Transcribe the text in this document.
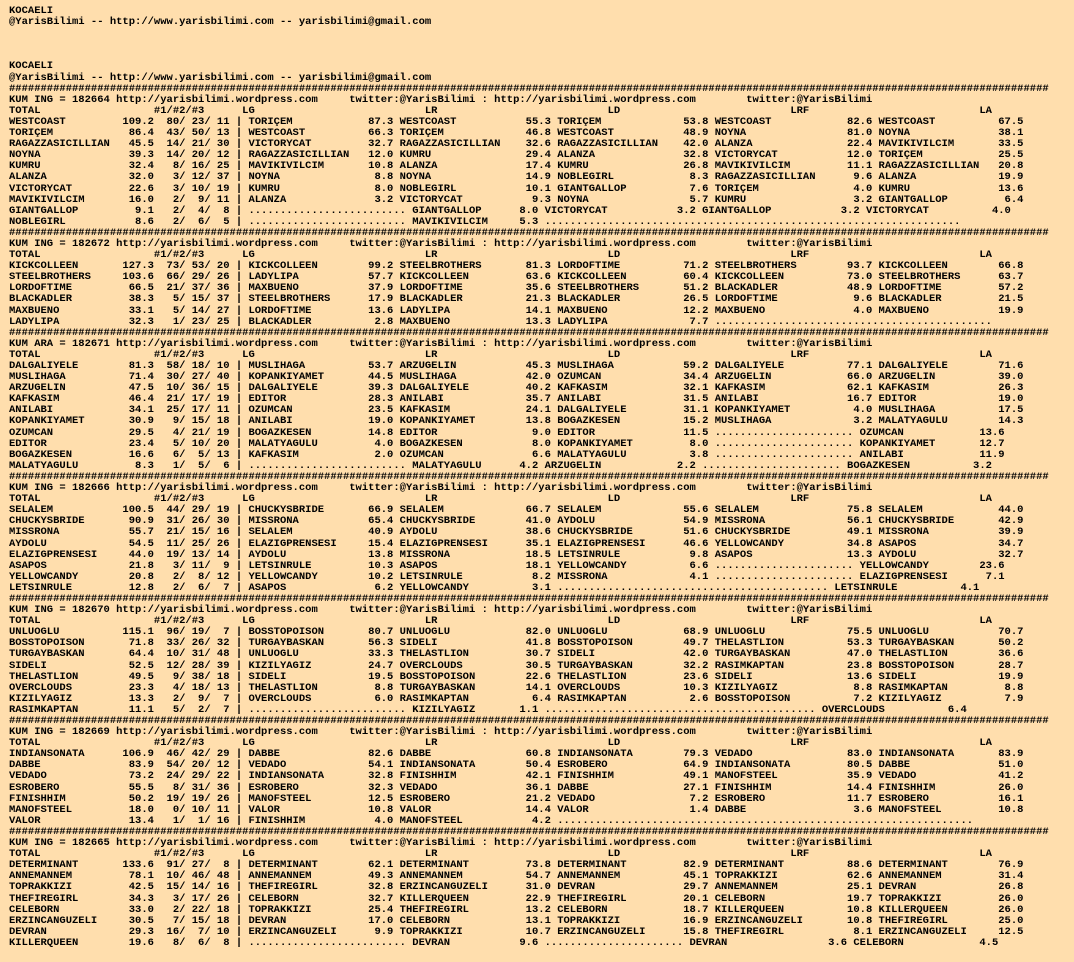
KOCAELI
@YarisBilimi -- http://www.yarisbilimi.com -- yarisbilimi@gmail.com

KOCAELI
@YarisBilimi -- http://www.yarisbilimi.com -- yarisbilimi@gmail.com
#####################################################################################################################################################################
KUM ING = 182664 http://yarisbilimi.wordpress.com     twitter:@YarisBilimi : http://yarisbilimi.wordpress.com        twitter:@YarisBilimi
TOTAL                  #1/#2/#3      LG                           LR                           LD                           LRF                           LA
WESTCOAST         109.2  80/ 23/ 11 | TORIÇEM            87.3 WESTCOAST           55.3 TORIÇEM             53.8 WESTCOAST            82.6 WESTCOAST          67.5
TORIÇEM            86.4  43/ 50/ 13 | WESTCOAST          66.3 TORIÇEM             46.8 WESTCOAST           48.9 NOYNA                81.0 NOYNA              38.1
RAGAZZASICILLIAN   45.5  14/ 21/ 30 | VICTORYCAT         32.7 RAGAZZASICILLIAN    32.6 RAGAZZASICILLIAN    42.0 ALANZA               22.4 MAVIKIVILCIM       33.5
NOYNA              39.3  14/ 20/ 12 | RAGAZZASICILLIAN   12.0 KUMRU               29.4 ALANZA              32.8 VICTORYCAT           12.0 TORIÇEM            25.5
KUMRU              32.4   8/ 16/ 25 | MAVIKIVILCIM       10.8 ALANZA              17.4 KUMRU               26.8 MAVIKIVILCIM         11.1 RAGAZZASICILLIAN   20.8
ALANZA             32.0   3/ 12/ 37 | NOYNA               8.8 NOYNA               14.9 NOBLEGIRL            8.3 RAGAZZASICILLIAN      9.6 ALANZA             19.9
VICTORYCAT         22.6   3/ 10/ 19 | KUMRU               8.0 NOBLEGIRL           10.1 GIANTGALLOP          7.6 TORIÇEM               4.0 KUMRU              13.6
MAVIKIVILCIM       16.0   2/  9/ 11 | ALANZA              3.2 VICTORYCAT           9.3 NOYNA                5.7 KUMRU                 3.2 GIANTGALLOP         6.4
GIANTGALLOP         9.1   2/  4/  8 | ......................... GIANTGALLOP      8.0 VICTORYCAT           3.2 GIANTGALLOP           3.2 VICTORYCAT          4.0
NOBLEGIRL           8.6   2/  6/  5 | ......................... MAVIKIVILCIM     5.3 ..................................................................
#####################################################################################################################################################################
KUM ING = 182672 http://yarisbilimi.wordpress.com     twitter:@YarisBilimi : http://yarisbilimi.wordpress.com        twitter:@YarisBilimi
TOTAL                  #1/#2/#3      LG                           LR                           LD                           LRF                           LA
KICKCOLLEEN       127.3  73/ 53/ 20 | KICKCOLLEEN        99.2 STEELBROTHERS       81.3 LORDOFTIME          71.2 STEELBROTHERS        93.7 KICKCOLLEEN        66.8
STEELBROTHERS     103.6  66/ 29/ 26 | LADYLIPA           57.7 KICKCOLLEEN         63.6 KICKCOLLEEN         60.4 KICKCOLLEEN          73.0 STEELBROTHERS      63.7
LORDOFTIME         66.5  21/ 37/ 36 | MAXBUENO           37.9 LORDOFTIME          35.6 STEELBROTHERS       51.2 BLACKADLER           48.9 LORDOFTIME         57.2
BLACKADLER         38.3   5/ 15/ 37 | STEELBROTHERS      17.9 BLACKADLER          21.3 BLACKADLER          26.5 LORDOFTIME            9.6 BLACKADLER         21.5
MAXBUENO           33.1   5/ 14/ 27 | LORDOFTIME         13.6 LADYLIPA            14.1 MAXBUENO            12.2 MAXBUENO              4.0 MAXBUENO           19.9
LADYLIPA           32.3   1/ 23/ 25 | BLACKADLER          2.8 MAXBUENO            13.3 LADYLIPA             7.7 ............................................
#####################################################################################################################################################################
KUM ARA = 182671 http://yarisbilimi.wordpress.com     twitter:@YarisBilimi : http://yarisbilimi.wordpress.com        twitter:@YarisBilimi
TOTAL                  #1/#2/#3      LG                           LR                           LD                           LRF                           LA
DALGALIYELE        81.3  58/ 18/ 10 | MUSLIHAGA          53.7 ARZUGELIN           45.3 MUSLIHAGA           59.2 DALGALIYELE          77.1 DALGALIYELE        71.6
MUSLIHAGA          71.4  30/ 27/ 40 | KOPANKIYAMET       44.5 MUSLIHAGA           42.0 OZUMCAN             34.4 ARZUGELIN            66.0 ARZUGELIN          39.0
ARZUGELIN          47.5  10/ 36/ 15 | DALGALIYELE        39.3 DALGALIYELE         40.2 KAFKASIM            32.1 KAFKASIM             62.1 KAFKASIM           26.3
KAFKASIM           46.4  21/ 17/ 19 | EDITOR             28.3 ANILABI             35.7 ANILABI             31.5 ANILABI              16.7 EDITOR             19.0
ANILABI            34.1  25/ 17/ 11 | OZUMCAN            23.5 KAFKASIM            24.1 DALGALIYELE         31.1 KOPANKIYAMET          4.0 MUSLIHAGA          17.5
KOPANKIYAMET       30.9   9/ 15/ 18 | ANILABI            19.0 KOPANKIYAMET        13.8 BOGAZKESEN          15.2 MUSLIHAGA             3.2 MALATYAGULU        14.3
OZUMCAN            29.5   4/ 21/ 19 | BOGAZKESEN         14.8 EDITOR               9.0 EDITOR              11.5 ...................... OZUMCAN            13.6
EDITOR             23.4   5/ 10/ 20 | MALATYAGULU         4.0 BOGAZKESEN           8.0 KOPANKIYAMET         8.0 ...................... KOPANKIYAMET       12.7
BOGAZKESEN         16.6   6/  5/ 13 | KAFKASIM            2.0 OZUMCAN              6.6 MALATYAGULU          3.8 ...................... ANILABI            11.9
MALATYAGULU         8.3   1/  5/  6 | ......................... MALATYAGULU      4.2 ARZUGELIN            2.2 ...................... BOGAZKESEN          3.2
#####################################################################################################################################################################
KUM ING = 182666 http://yarisbilimi.wordpress.com     twitter:@YarisBilimi : http://yarisbilimi.wordpress.com        twitter:@YarisBilimi
TOTAL                  #1/#2/#3      LG                           LR                           LD                           LRF                           LA
SELALEM           100.5  44/ 29/ 19 | CHUCKYSBRIDE       66.9 SELALEM             66.7 SELALEM             55.6 SELALEM              75.8 SELALEM            44.0
CHUCKYSBRIDE       90.9  31/ 26/ 30 | MISSRONA           65.4 CHUCKYSBRIDE        41.0 AYDOLU              54.9 MISSRONA             56.1 CHUCKYSBRIDE       42.9
MISSRONA           55.7  21/ 15/ 16 | SELALEM            40.9 AYDOLU              38.6 CHUCKYSBRIDE        51.6 CHUCKYSBRIDE         49.1 MISSRONA           39.9
AYDOLU             54.5  11/ 25/ 26 | ELAZIGPRENSESI     15.4 ELAZIGPRENSESI      35.1 ELAZIGPRENSESI      46.6 YELLOWCANDY          34.8 ASAPOS             34.7
ELAZIGPRENSESI     44.0  19/ 13/ 14 | AYDOLU             13.8 MISSRONA            18.5 LETSINRULE           9.8 ASAPOS               13.3 AYDOLU             32.7
ASAPOS             21.8   3/ 11/  9 | LETSINRULE         10.3 ASAPOS              18.1 YELLOWCANDY          6.6 ...................... YELLOWCANDY        23.6
YELLOWCANDY        20.8   2/  8/ 12 | YELLOWCANDY        10.2 LETSINRULE           8.2 MISSRONA             4.1 ...................... ELAZIGPRENSESI      7.1
LETSINRULE         12.8   2/  6/  7 | ASAPOS              6.2 YELLOWCANDY          3.1 ........................................... LETSINRULE          4.1
#####################################################################################################################################################################
KUM ING = 182670 http://yarisbilimi.wordpress.com     twitter:@YarisBilimi : http://yarisbilimi.wordpress.com        twitter:@YarisBilimi
TOTAL                  #1/#2/#3      LG                           LR                           LD                           LRF                           LA
UNLUOGLU          115.1  96/ 19/  7 | BOSSTOPOISON       80.7 UNLUOGLU            82.0 UNLUOGLU            68.9 UNLUOGLU             75.5 UNLUOGLU           70.7
BOSSTOPOISON       71.8  33/ 26/ 32 | TURGAYBASKAN       56.3 SIDELI              41.8 BOSSTOPOISON        49.7 THELASTLION          53.3 TURGAYBASKAN       50.2
TURGAYBASKAN       64.4  10/ 31/ 48 | UNLUOGLU           33.3 THELASTLION         30.7 SIDELI              42.0 TURGAYBASKAN         47.0 THELASTLION        36.6
SIDELI             52.5  12/ 28/ 39 | KIZILYAGIZ         24.7 OVERCLOUDS          30.5 TURGAYBASKAN        32.2 RASIMKAPTAN          23.8 BOSSTOPOISON       28.7
THELASTLION        49.5   9/ 38/ 18 | SIDELI             19.5 BOSSTOPOISON        22.6 THELASTLION         23.6 SIDELI               13.6 SIDELI             19.9
OVERCLOUDS         23.3   4/ 18/ 13 | THELASTLION         8.8 TURGAYBASKAN        14.1 OVERCLOUDS          10.3 KIZILYAGIZ            8.8 RASIMKAPTAN         8.8
KIZILYAGIZ         13.3   2/  9/  7 | OVERCLOUDS          6.0 RASIMKAPTAN          6.4 RASIMKAPTAN          2.6 BOSSTOPOISON          7.2 KIZILYAGIZ          7.9
RASIMKAPTAN        11.1   5/  2/  7 | ......................... KIZILYAGIZ       1.1 ........................................... OVERCLOUDS          6.4
#####################################################################################################################################################################
KUM ING = 182669 http://yarisbilimi.wordpress.com     twitter:@YarisBilimi : http://yarisbilimi.wordpress.com        twitter:@YarisBilimi
TOTAL                  #1/#2/#3      LG                           LR                           LD                           LRF                           LA
INDIANSONATA      106.9  46/ 42/ 29 | DABBE              82.6 DABBE               60.8 INDIANSONATA        79.3 VEDADO               83.0 INDIANSONATA       83.9
DABBE              83.9  54/ 20/ 12 | VEDADO             54.1 INDIANSONATA        50.4 ESROBERO            64.9 INDIANSONATA         80.5 DABBE              51.0
VEDADO             73.2  24/ 29/ 22 | INDIANSONATA       32.8 FINISHHIM           42.1 FINISHHIM           49.1 MANOFSTEEL           35.9 VEDADO             41.2
ESROBERO           55.5   8/ 31/ 36 | ESROBERO           32.3 VEDADO              36.1 DABBE               27.1 FINISHHIM            14.4 FINISHHIM          26.0
FINISHHIM          50.2  19/ 19/ 26 | MANOFSTEEL         12.5 ESROBERO            21.2 VEDADO               7.2 ESROBERO             11.7 ESROBERO           16.1
MANOFSTEEL         18.0   0/ 10/ 11 | VALOR              10.8 VALOR               14.4 VALOR                1.4 DABBE                 3.6 MANOFSTEEL         10.8
VALOR              13.4   1/  1/ 16 | FINISHHIM           4.0 MANOFSTEEL           4.2 ..................................................................
#####################################################################################################################################################################
KUM ING = 182665 http://yarisbilimi.wordpress.com     twitter:@YarisBilimi : http://yarisbilimi.wordpress.com        twitter:@YarisBilimi
TOTAL                  #1/#2/#3      LG                           LR                           LD                           LRF                           LA
DETERMINANT       133.6  91/ 27/  8 | DETERMINANT        62.1 DETERMINANT         73.8 DETERMINANT         82.9 DETERMINANT          88.6 DETERMINANT        76.9
ANNEMANNEM         78.1  10/ 46/ 48 | ANNEMANNEM         49.3 ANNEMANNEM          54.7 ANNEMANNEM          45.1 TOPRAKKIZI           62.6 ANNEMANNEM         31.4
TOPRAKKIZI         42.5  15/ 14/ 16 | THEFIREGIRL        32.8 ERZINCANGUZELI      31.0 DEVRAN              29.7 ANNEMANNEM           25.1 DEVRAN             26.8
THEFIREGIRL        34.3   3/ 17/ 26 | CELEBORN           32.7 KILLERQUEEN         22.9 THEFIREGIRL         20.1 CELEBORN             19.7 TOPRAKKIZI         26.0
CELEBORN           33.0   2/ 22/ 18 | TOPRAKKIZI         25.4 THEFIREGIRL         13.2 CELEBORN            18.7 KILLERQUEEN          10.8 KILLERQUEEN        26.0
ERZINCANGUZELI     30.5   7/ 15/ 18 | DEVRAN             17.0 CELEBORN            13.1 TOPRAKKIZI          16.9 ERZINCANGUZELI       10.8 THEFIREGIRL        25.0
DEVRAN             29.3  16/  7/ 10 | ERZINCANGUZELI      9.9 TOPRAKKIZI          10.7 ERZINCANGUZELI      15.8 THEFIREGIRL           8.1 ERZINCANGUZELI     12.5
KILLERQUEEN        19.6   8/  6/  8 | ......................... DEVRAN           9.6 ...................... DEVRAN                3.6 CELEBORN            4.5
